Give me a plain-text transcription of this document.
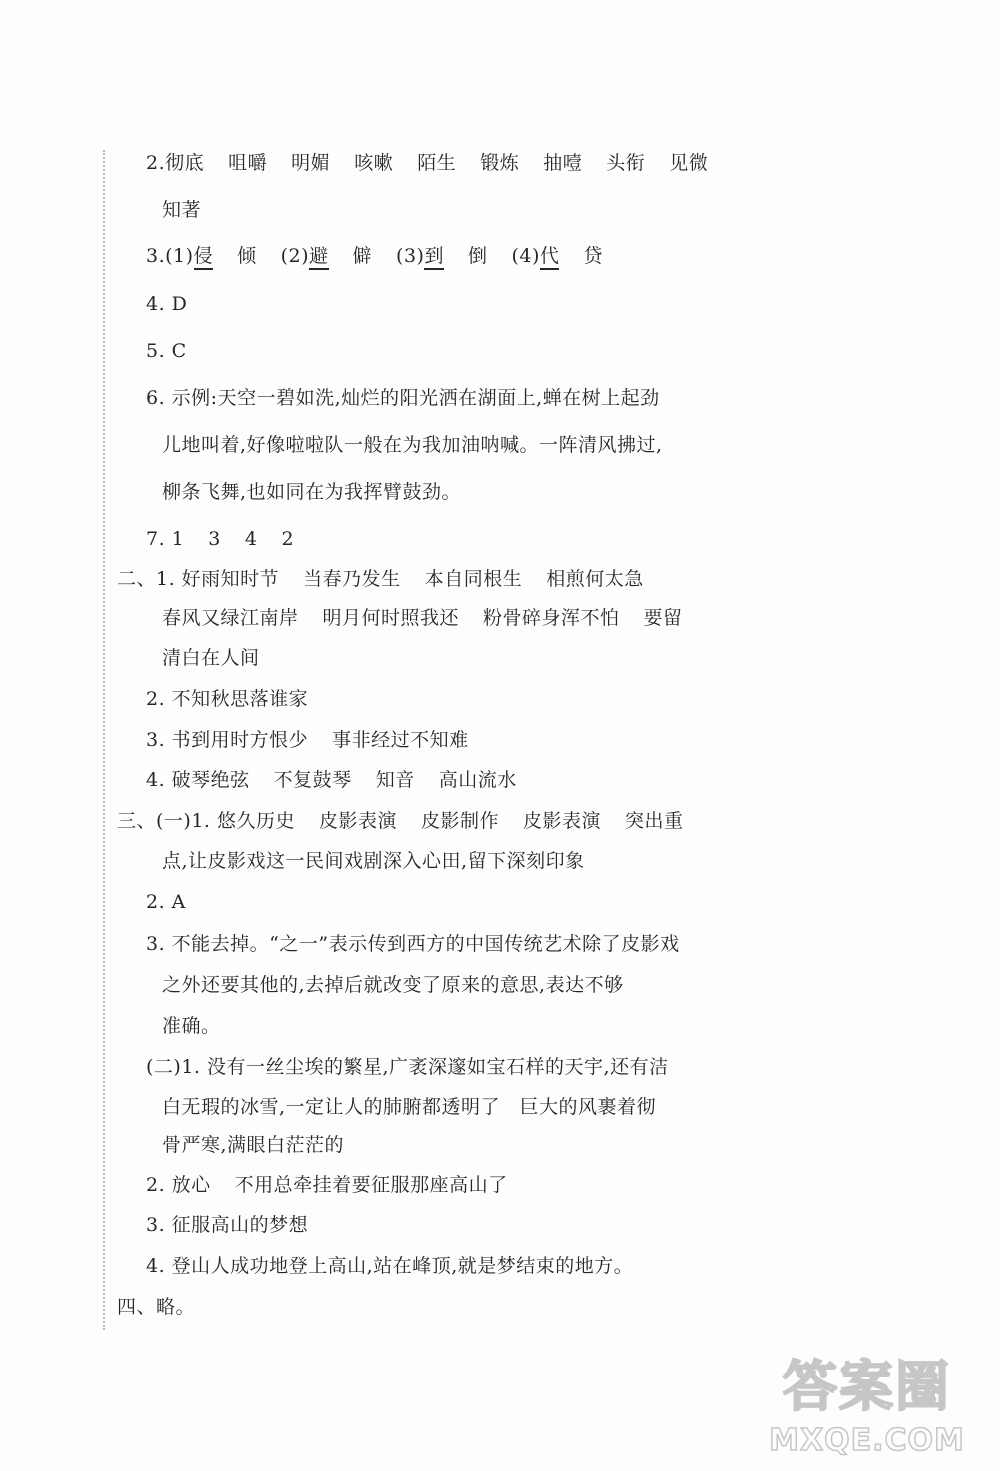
2.彻底 咀嚼 明媚 咳嗽 陌生 锻炼 抽噎 头衔 见微
知著
3.(1)侵 倾 (2)避 僻 (3)到 倒 (4)代 贷
4. D
5. C
6. 示例:天空一碧如洗,灿烂的阳光洒在湖面上,蝉在树上起劲
儿地叫着,好像啦啦队一般在为我加油呐喊。一阵清风拂过,
柳条飞舞,也如同在为我挥臂鼓劲。
7. 1 3 4 2
二、1. 好雨知时节 当春乃发生 本自同根生 相煎何太急
春风又绿江南岸 明月何时照我还 粉骨碎身浑不怕 要留
清白在人间
2. 不知秋思落谁家
3. 书到用时方恨少 事非经过不知难
4. 破琴绝弦 不复鼓琴 知音 高山流水
三、(一)1. 悠久历史 皮影表演 皮影制作 皮影表演 突出重
点,让皮影戏这一民间戏剧深入心田,留下深刻印象
2. A
3. 不能去掉。“之一”表示传到西方的中国传统艺术除了皮影戏
之外还要其他的,去掉后就改变了原来的意思,表达不够
准确。
(二)1. 没有一丝尘埃的繁星,广袤深邃如宝石样的天宇,还有洁
白无瑕的冰雪,一定让人的肺腑都透明了　巨大的风裹着彻
骨严寒,满眼白茫茫的
2. 放心 不用总牵挂着要征服那座高山了
3. 征服高山的梦想
4. 登山人成功地登上高山,站在峰顶,就是梦结束的地方。
四、略。
答案圈
MXQE.COM
